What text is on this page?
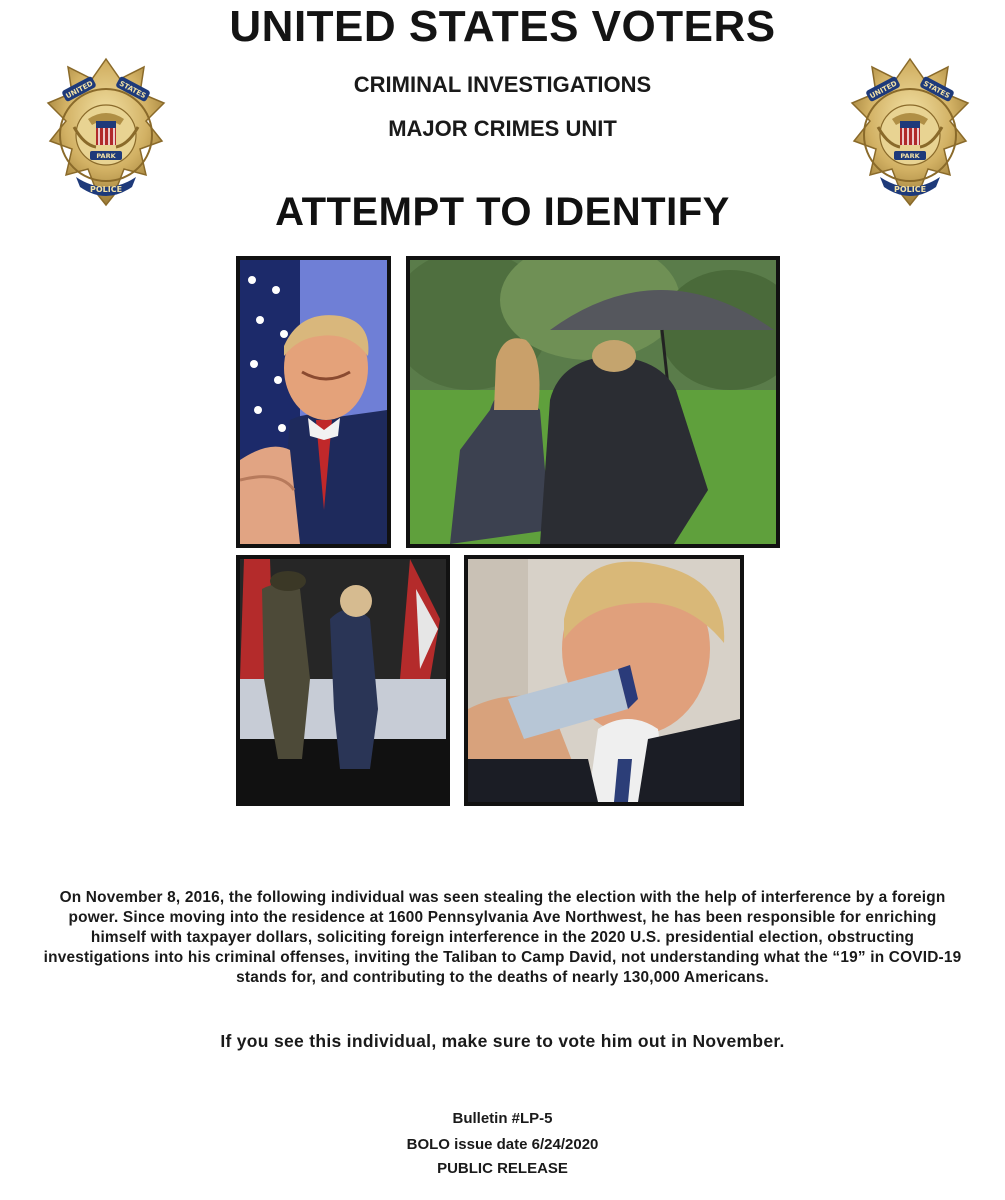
UNITED STATES VOTERS
CRIMINAL INVESTIGATIONS
MAJOR CRIMES UNIT
ATTEMPT TO IDENTIFY
UNITED	STATES
PARK
POLICE
UNITED	STATES
PARK
POLICE
On November 8, 2016, the following individual was seen stealing the election with the help of interference by a foreign power. Since moving into the residence at 1600 Pennsylvania Ave Northwest, he has been responsible for enriching himself with taxpayer dollars, soliciting foreign interference in the 2020 U.S. presidential election, obstructing investigations into his criminal offenses, inviting the Taliban to Camp David, not understanding what the “19” in COVID-19 stands for, and contributing to the deaths of nearly 130,000 Americans.
If you see this individual, make sure to vote him out in November.
Bulletin #LP-5
BOLO issue date 6/24/2020
PUBLIC RELEASE
